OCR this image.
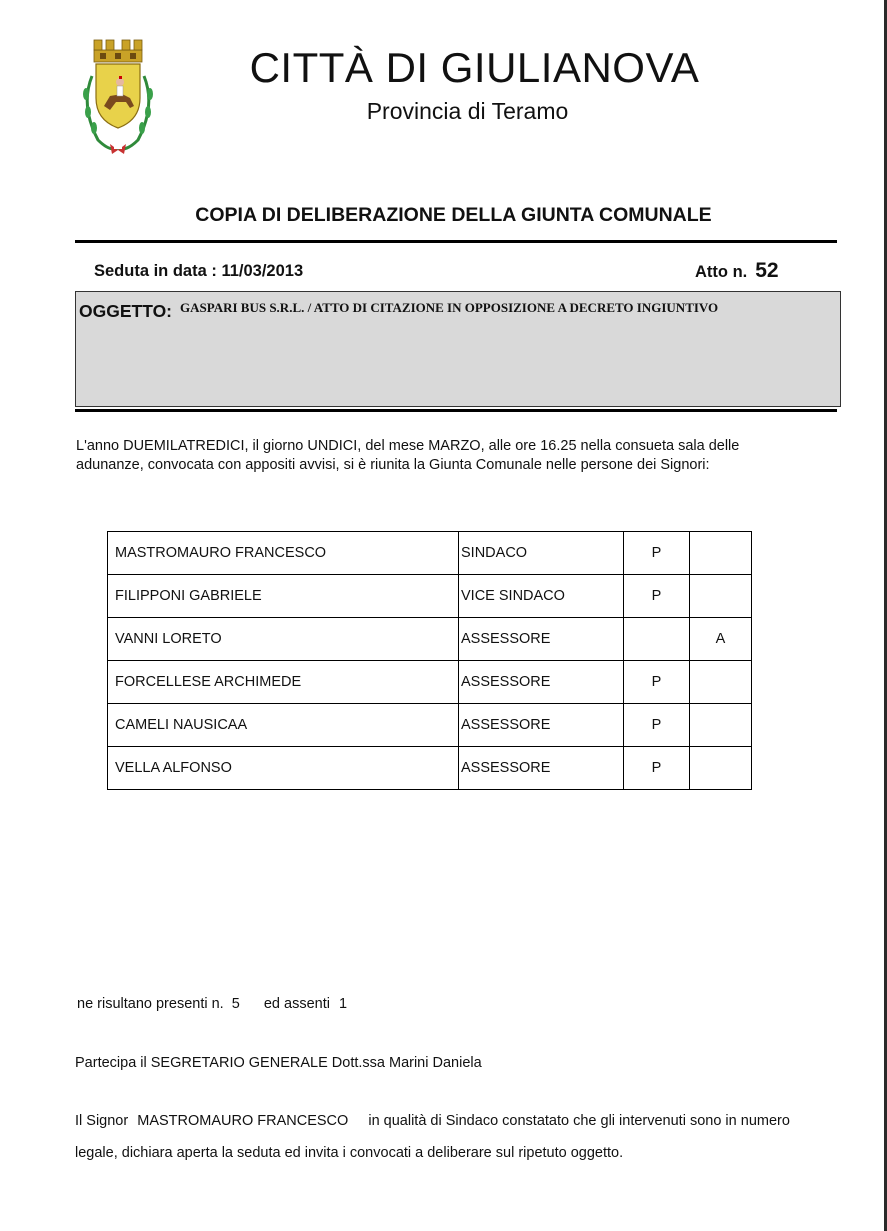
CITTÀ DI GIULIANOVA
Provincia di Teramo
COPIA DI DELIBERAZIONE DELLA GIUNTA COMUNALE
Seduta in data : 11/03/2013	Atto n. 52
OGGETTO: GASPARI BUS S.R.L. / ATTO DI CITAZIONE IN OPPOSIZIONE A DECRETO INGIUNTIVO
L'anno DUEMILATREDICI, il giorno UNDICI, del mese MARZO, alle ore 16.25 nella consueta sala delle
adunanze, convocata con appositi avvisi, si è riunita la Giunta Comunale nelle persone dei Signori:
MASTROMAURO FRANCESCO	SINDACO	P	
FILIPPONI GABRIELE	VICE SINDACO	P	
VANNI LORETO	ASSESSORE		A
FORCELLESE ARCHIMEDE	ASSESSORE	P	
CAMELI NAUSICAA	ASSESSORE	P	
VELLA ALFONSO	ASSESSORE	P	
ne risultano presenti n. 5 ed assenti 1
Partecipa il SEGRETARIO GENERALE Dott.ssa Marini Daniela
Il Signor MASTROMAURO FRANCESCO in qualità di Sindaco constatato che gli intervenuti sono in numero
legale, dichiara aperta la seduta ed invita i convocati a deliberare sul ripetuto oggetto.
